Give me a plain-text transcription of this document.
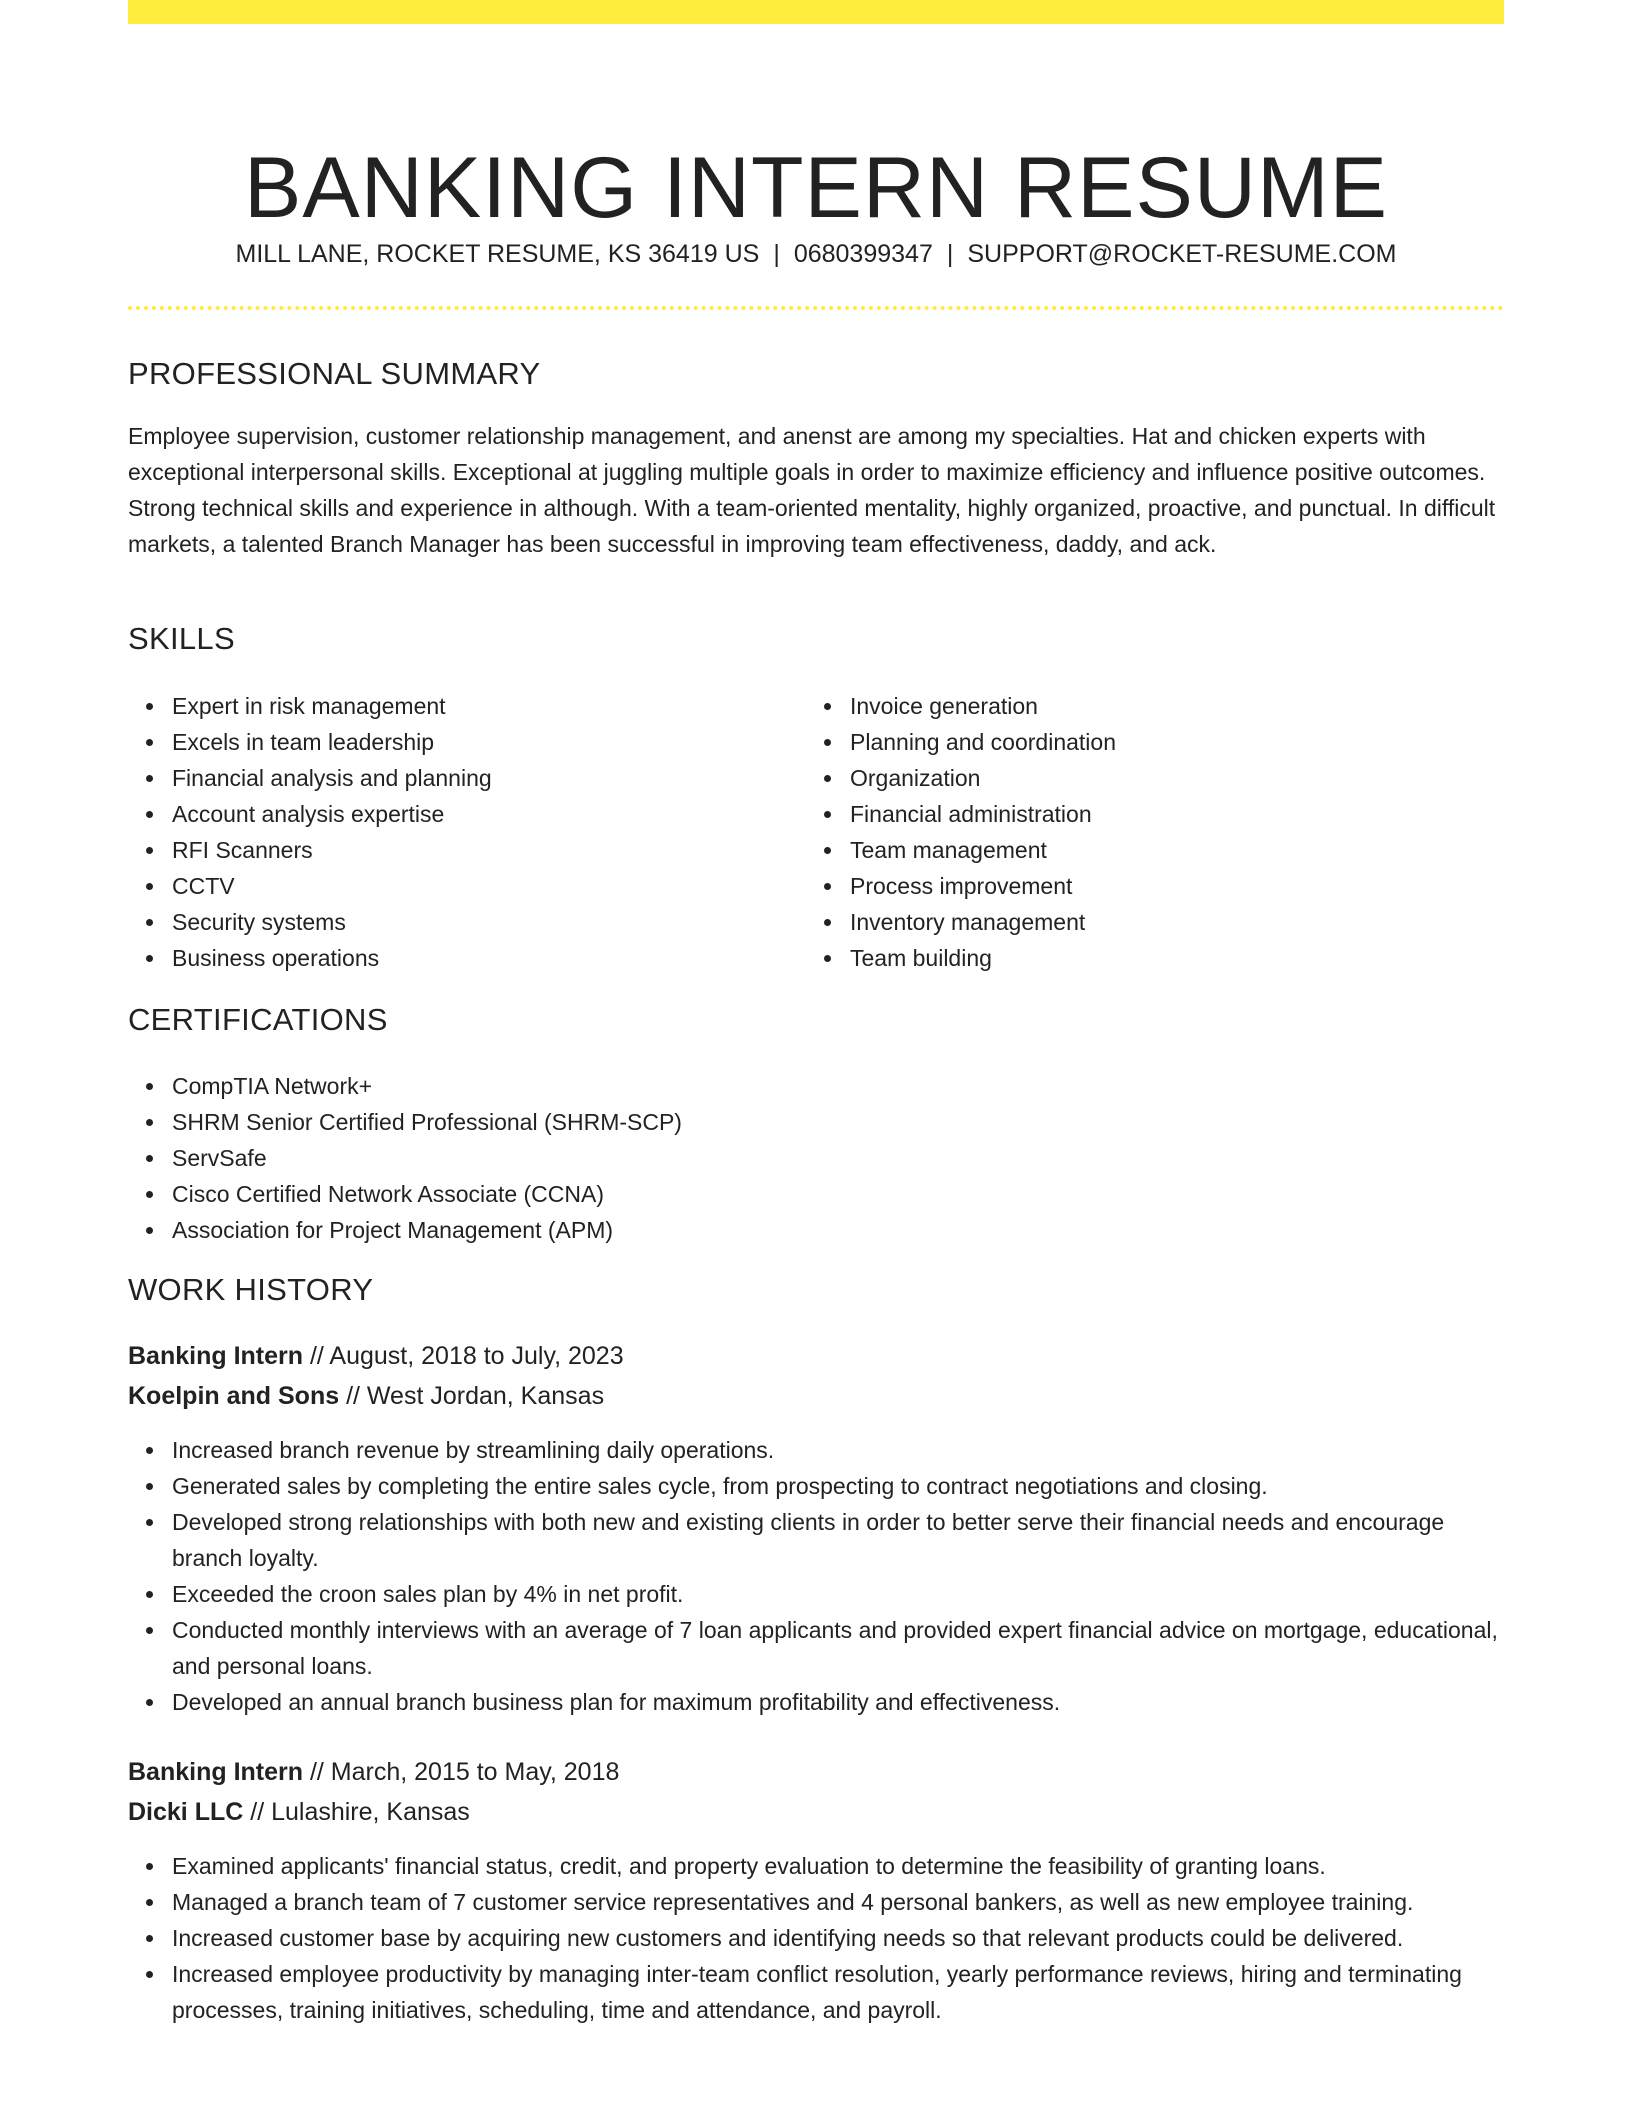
BANKING INTERN RESUME
MILL LANE, ROCKET RESUME, KS 36419 US | 0680399347 | SUPPORT@ROCKET-RESUME.COM
PROFESSIONAL SUMMARY

Employee supervision, customer relationship management, and anenst are among my specialties. Hat and chicken experts with exceptional interpersonal skills. Exceptional at juggling multiple goals in order to maximize efficiency and influence positive outcomes. Strong technical skills and experience in although. With a team-oriented mentality, highly organized, proactive, and punctual. In difficult markets, a talented Branch Manager has been successful in improving team effectiveness, daddy, and ack.

SKILLS
Expert in risk management
Excels in team leadership
Financial analysis and planning
Account analysis expertise
RFI Scanners
CCTV
Security systems
Business operations
Invoice generation
Planning and coordination
Organization
Financial administration
Team management
Process improvement
Inventory management
Team building
CERTIFICATIONS
CompTIA Network+
SHRM Senior Certified Professional (SHRM-SCP)
ServSafe
Cisco Certified Network Associate (CCNA)
Association for Project Management (APM)
WORK HISTORY
Banking Intern // August, 2018 to July, 2023
Koelpin and Sons // West Jordan, Kansas
Increased branch revenue by streamlining daily operations.
Generated sales by completing the entire sales cycle, from prospecting to contract negotiations and closing.
Developed strong relationships with both new and existing clients in order to better serve their financial needs and encourage branch loyalty.
Exceeded the croon sales plan by 4% in net profit.
Conducted monthly interviews with an average of 7 loan applicants and provided expert financial advice on mortgage, educational, and personal loans.
Developed an annual branch business plan for maximum profitability and effectiveness.
Banking Intern // March, 2015 to May, 2018
Dicki LLC // Lulashire, Kansas
Examined applicants' financial status, credit, and property evaluation to determine the feasibility of granting loans.
Managed a branch team of 7 customer service representatives and 4 personal bankers, as well as new employee training.
Increased customer base by acquiring new customers and identifying needs so that relevant products could be delivered.
Increased employee productivity by managing inter-team conflict resolution, yearly performance reviews, hiring and terminating processes, training initiatives, scheduling, time and attendance, and payroll.
